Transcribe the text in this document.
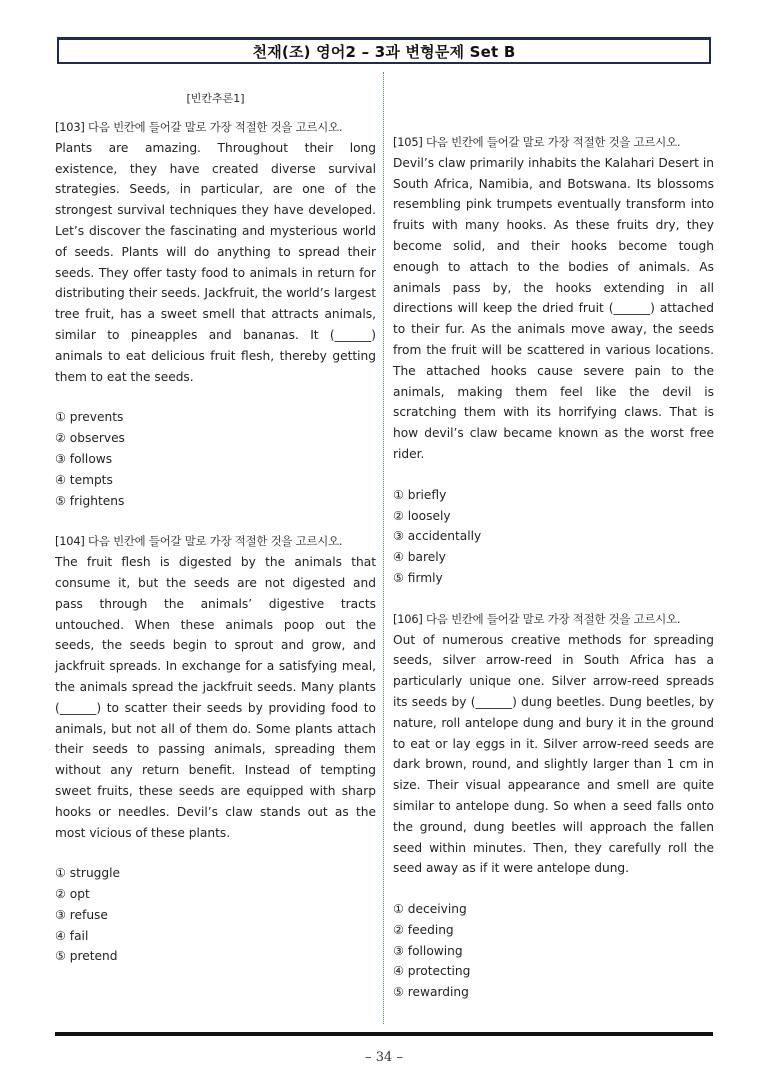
천재(조) 영어2 – 3과 변형문제 Set B
[빈칸추론1]
[103] 다음 빈칸에 들어갈 말로 가장 적절한 것을 고르시오.

Plants are amazing. Throughout their long existence, they have created diverse survival strategies. Seeds, in particular, are one of the strongest survival techniques they have developed. Let’s discover the fascinating and mysterious world of seeds. Plants will do anything to spread their seeds. They offer tasty food to animals in return for distributing their seeds. Jackfruit, the world’s largest tree fruit, has a sweet smell that attracts animals, similar to pineapples and bananas. It (______) animals to eat delicious fruit flesh, thereby getting them to eat the seeds.

① prevents
② observes
③ follows
④ tempts
⑤ frightens
[104] 다음 빈칸에 들어갈 말로 가장 적절한 것을 고르시오.

The fruit flesh is digested by the animals that consume it, but the seeds are not digested and pass through the animals’ digestive tracts untouched. When these animals poop out the seeds, the seeds begin to sprout and grow, and jackfruit spreads. In exchange for a satisfying meal, the animals spread the jackfruit seeds. Many plants (______) to scatter their seeds by providing food to animals, but not all of them do. Some plants attach their seeds to passing animals, spreading them without any return benefit. Instead of tempting sweet fruits, these seeds are equipped with sharp hooks or needles. Devil’s claw stands out as the most vicious of these plants.

① struggle
② opt
③ refuse
④ fail
⑤ pretend
[105] 다음 빈칸에 들어갈 말로 가장 적절한 것을 고르시오.

Devil’s claw primarily inhabits the Kalahari Desert in South Africa, Namibia, and Botswana. Its blossoms resembling pink trumpets eventually transform into fruits with many hooks. As these fruits dry, they become solid, and their hooks become tough enough to attach to the bodies of animals. As animals pass by, the hooks extending in all directions will keep the dried fruit (______) attached to their fur. As the animals move away, the seeds from the fruit will be scattered in various locations. The attached hooks cause severe pain to the animals, making them feel like the devil is scratching them with its horrifying claws. That is how devil’s claw became known as the worst free rider.

① briefly
② loosely
③ accidentally
④ barely
⑤ firmly
[106] 다음 빈칸에 들어갈 말로 가장 적절한 것을 고르시오.

Out of numerous creative methods for spreading seeds, silver arrow-reed in South Africa has a particularly unique one. Silver arrow-reed spreads its seeds by (______) dung beetles. Dung beetles, by nature, roll antelope dung and bury it in the ground to eat or lay eggs in it. Silver arrow-reed seeds are dark brown, round, and slightly larger than 1 cm in size. Their visual appearance and smell are quite similar to antelope dung. So when a seed falls onto the ground, dung beetles will approach the fallen seed within minutes. Then, they carefully roll the seed away as if it were antelope dung.

① deceiving
② feeding
③ following
④ protecting
⑤ rewarding
– 34 –
